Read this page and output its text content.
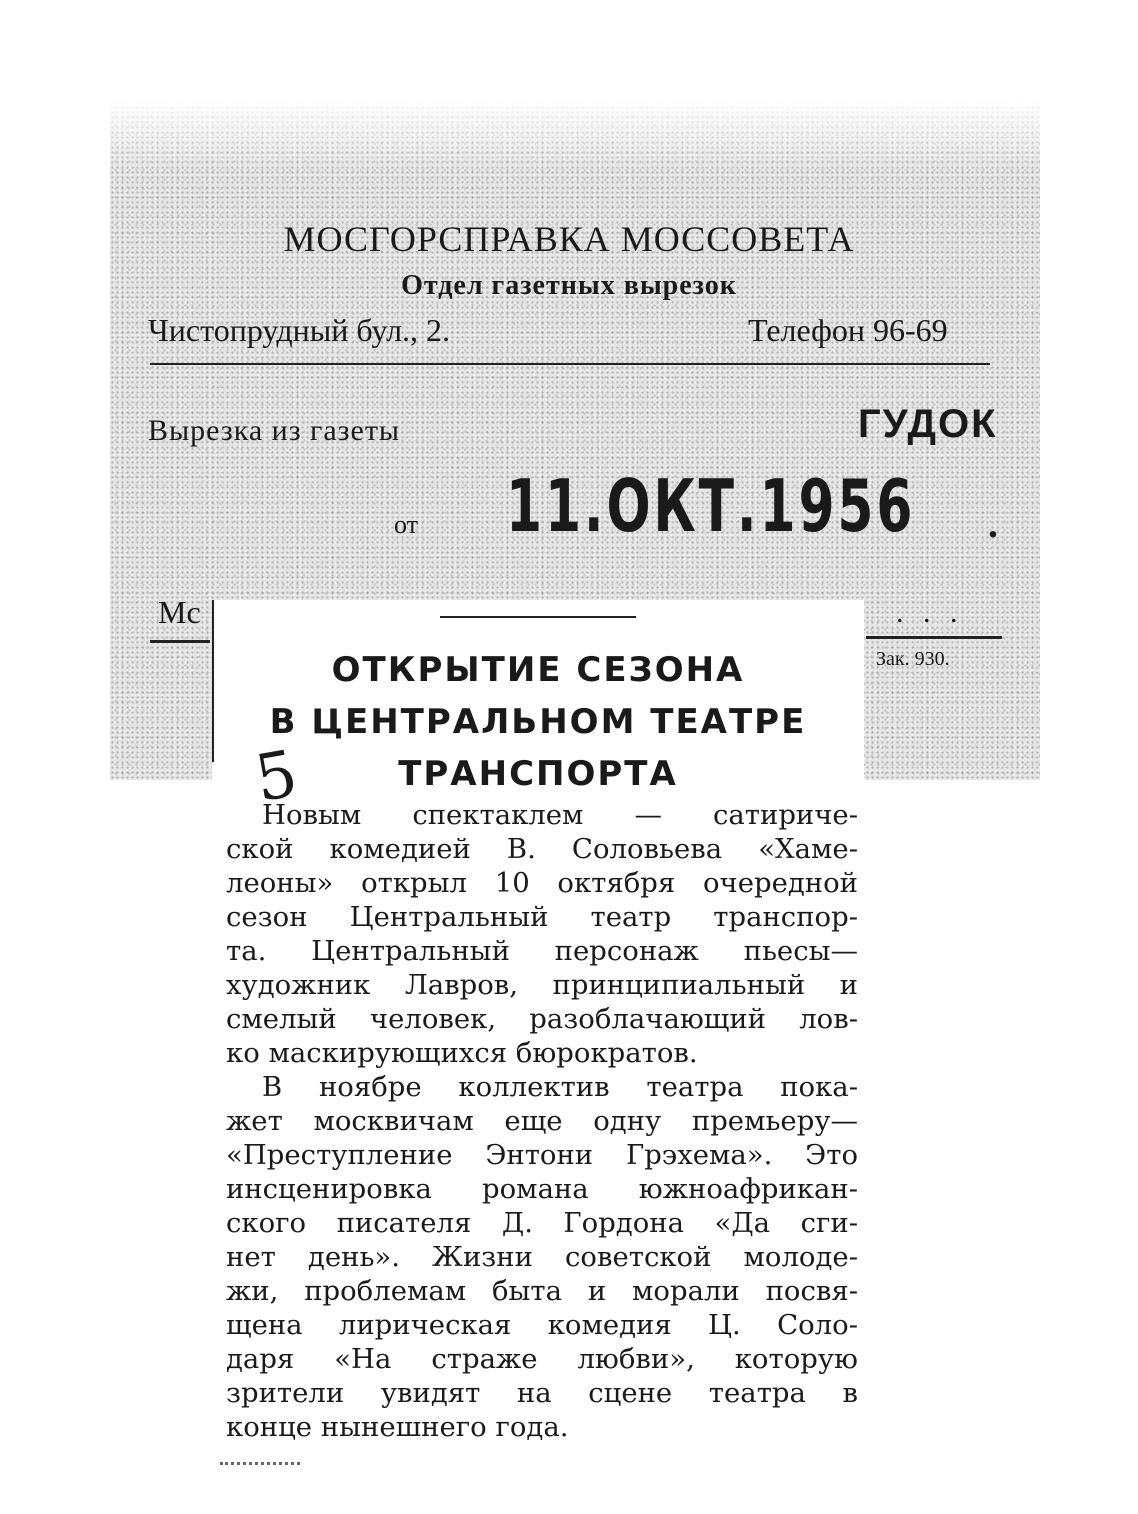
МОСГОРСПРАВКА МОССОВЕТА
Отдел газетных вырезок
Чистопрудный бул., 2.	Телефон 96-69
Вырезка из газеты	ГУДОК
от 11.ОКТ.1956 .
Мс	. . .
Зак. 930.
ОТКРЫТИЕ СЕЗОНА
В ЦЕНТРАЛЬНОМ ТЕАТРЕ
ТРАНСПОРТА
5
Новым спектаклем — сатириче-
ской комедией В. Соловьева «Хаме-
леоны» открыл 10 октября очередной
сезон Центральный театр транспор-
та. Центральный персонаж пьесы—
художник Лавров, принципиальный и
смелый человек, разоблачающий лов-
ко маскирующихся бюрократов.
В ноябре коллектив театра пока-
жет москвичам еще одну премьеру—
«Преступление Энтони Грэхема». Это
инсценировка романа южноафрикан-
ского писателя Д. Гордона «Да сги-
нет день». Жизни советской молоде-
жи, проблемам быта и морали посвя-
щена лирическая комедия Ц. Соло-
даря «На страже любви», которую
зрители увидят на сцене театра в
конце нынешнего года.
